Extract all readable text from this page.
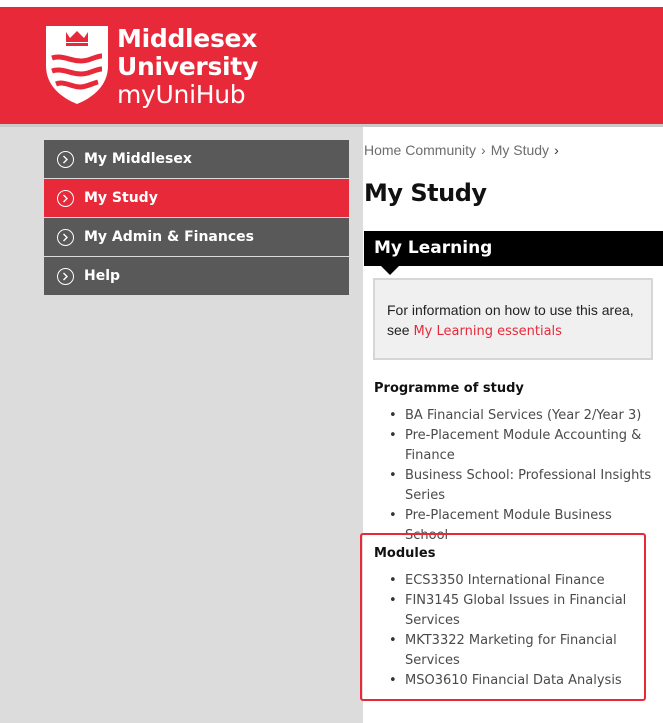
Middlesex
University
myUniHub
My Middlesex
My Study
My Admin & Finances
Help
Home Community › My Study ›
My Study
My Learning
For information on how to use this area,
see My Learning essentials
Programme of study
• BA Financial Services (Year 2/Year 3)
• Pre-Placement Module Accounting & Finance
• Business School: Professional Insights Series
• Pre-Placement Module Business School
Modules
• ECS3350 International Finance
• FIN3145 Global Issues in Financial Services
• MKT3322 Marketing for Financial Services
• MSO3610 Financial Data Analysis
